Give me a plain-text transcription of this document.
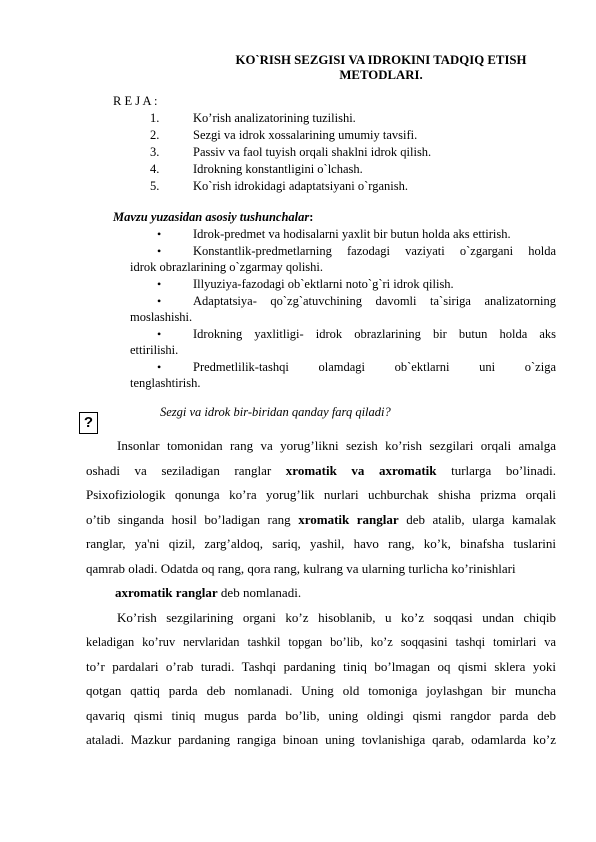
KO`RISH SEZGISI VA IDROKINI TADQIQ ETISH
METODLARI.
R E J A :
1.	Ko’rish analizatorining tuzilishi.
2.	Sezgi va idrok xossalarining umumiy tavsifi.
3.	Passiv va faol tuyish orqali shaklni idrok qilish.
4.	Idrokning konstantligini o`lchash.
5.	Ko`rish idrokidagi adaptatsiyani o`rganish.
Mavzu yuzasidan asosiy tushunchalar:
•	Idrok-predmet va hodisalarni yaxlit bir butun holda aks ettirish.
•	Konstantlik-predmetlarning fazodagi vaziyati o`zgargani holda
idrok obrazlarining o`zgarmay qolishi.
•	Illyuziya-fazodagi ob`ektlarni noto`g`ri idrok qilish.
•	Adaptatsiya- qo`zg`atuvchining davomli ta`siriga analizatorning
moslashishi.
•	Idrokning yaxlitligi- idrok obrazlarining bir butun holda aks
ettirilishi.
•	Predmetlilik-tashqi olamdagi ob`ektlarni uni o`ziga
tenglashtirish.
?
Sezgi va idrok bir-biridan qanday farq qiladi?
Insonlar tomonidan rang va yorug’likni sezish ko’rish sezgilari orqali amalga
oshadi va seziladigan ranglar xromatik va axromatik turlarga bo’linadi.
Psixofiziologik qonunga ko’ra yorug’lik nurlari uchburchak shisha prizma orqali
o’tib singanda hosil bo’ladigan rang xromatik ranglar deb atalib, ularga kamalak
ranglar, ya'ni qizil, zarg’aldoq, sariq, yashil, havo rang, ko’k, binafsha tuslarini
qamrab oladi. Odatda oq rang, qora rang, kulrang va ularning turlicha ko’rinishlari
axromatik ranglar deb nomlanadi.
Ko’rish sezgilarining organi ko’z hisoblanib, u ko’z soqqasi undan chiqib
keladigan ko’ruv nervlaridan tashkil topgan bo’lib, ko’z soqqasini tashqi tomirlari va
to’r pardalari o’rab turadi. Tashqi pardaning tiniq bo’lmagan oq qismi sklera yoki
qotgan qattiq parda deb nomlanadi. Uning old tomoniga joylashgan bir muncha
qavariq qismi tiniq mugus parda bo’lib, uning oldingi qismi rangdor parda deb
ataladi. Mazkur pardaning rangiga binoan uning tovlanishiga qarab, odamlarda ko’z
